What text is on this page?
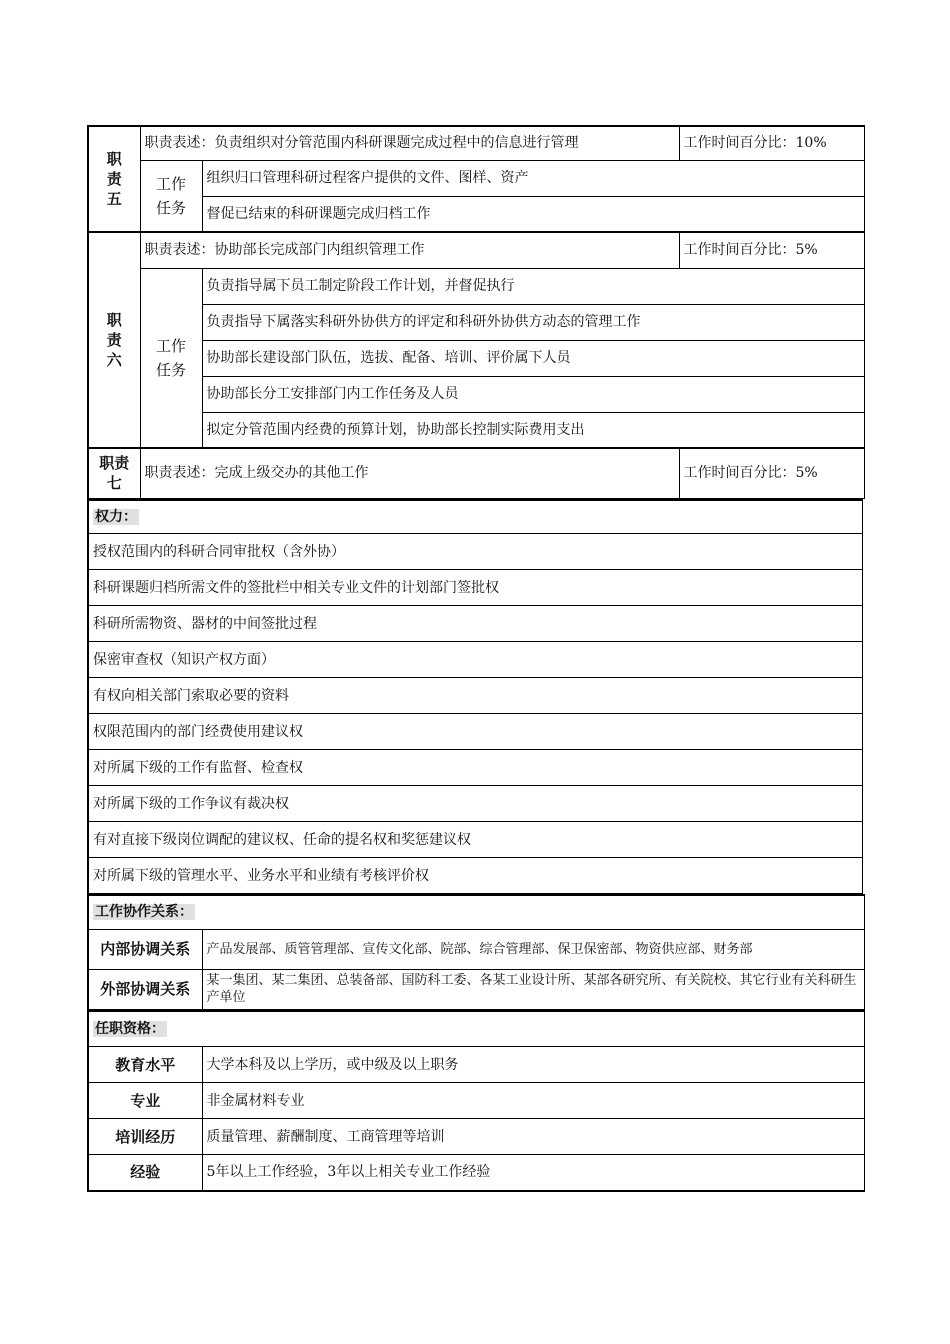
职
责
五	职责表述：负责组织对分管范围内科研课题完成过程中的信息进行管理		工作时间百分比：10%

	工作
任务	组织归口管理科研过程客户提供的文件、图样、资产	
		督促已结束的科研课题完成归档工作	

职
责
六	职责表述：协助部长完成部门内组织管理工作		工作时间百分比：5%

	工作
任务	负责指导属下员工制定阶段工作计划，并督促执行	
		负责指导下属落实科研外协供方的评定和科研外协供方动态的管理工作	
		协助部长建设部门队伍，选拔、配备、培训、评价属下人员	
		协助部长分工安排部门内工作任务及人员	
		拟定分管范围内经费的预算计划，协助部长控制实际费用支出	

职责
七	职责表述：完成上级交办的其他工作		工作时间百分比：5%
权力：
授权范围内的科研合同审批权（含外协）
科研课题归档所需文件的签批栏中相关专业文件的计划部门签批权
科研所需物资、器材的中间签批过程
保密审查权（知识产权方面）
有权向相关部门索取必要的资料
权限范围内的部门经费使用建议权
对所属下级的工作有监督、检查权
对所属下级的工作争议有裁决权
有对直接下级岗位调配的建议权、任命的提名权和奖惩建议权
对所属下级的管理水平、业务水平和业绩有考核评价权
工作协作关系：	
内部协调关系	产品发展部、质管管理部、宣传文化部、院部、综合管理部、保卫保密部、物资供应部、财务部
外部协调关系	某一集团、某二集团、总装备部、国防科工委、各某工业设计所、某部各研究所、有关院校、其它行业有关科研生产单位
任职资格：	
教育水平	大学本科及以上学历，或中级及以上职务
专业	非金属材料专业
培训经历	质量管理、薪酬制度、工商管理等培训
经验	5年以上工作经验，3年以上相关专业工作经验
